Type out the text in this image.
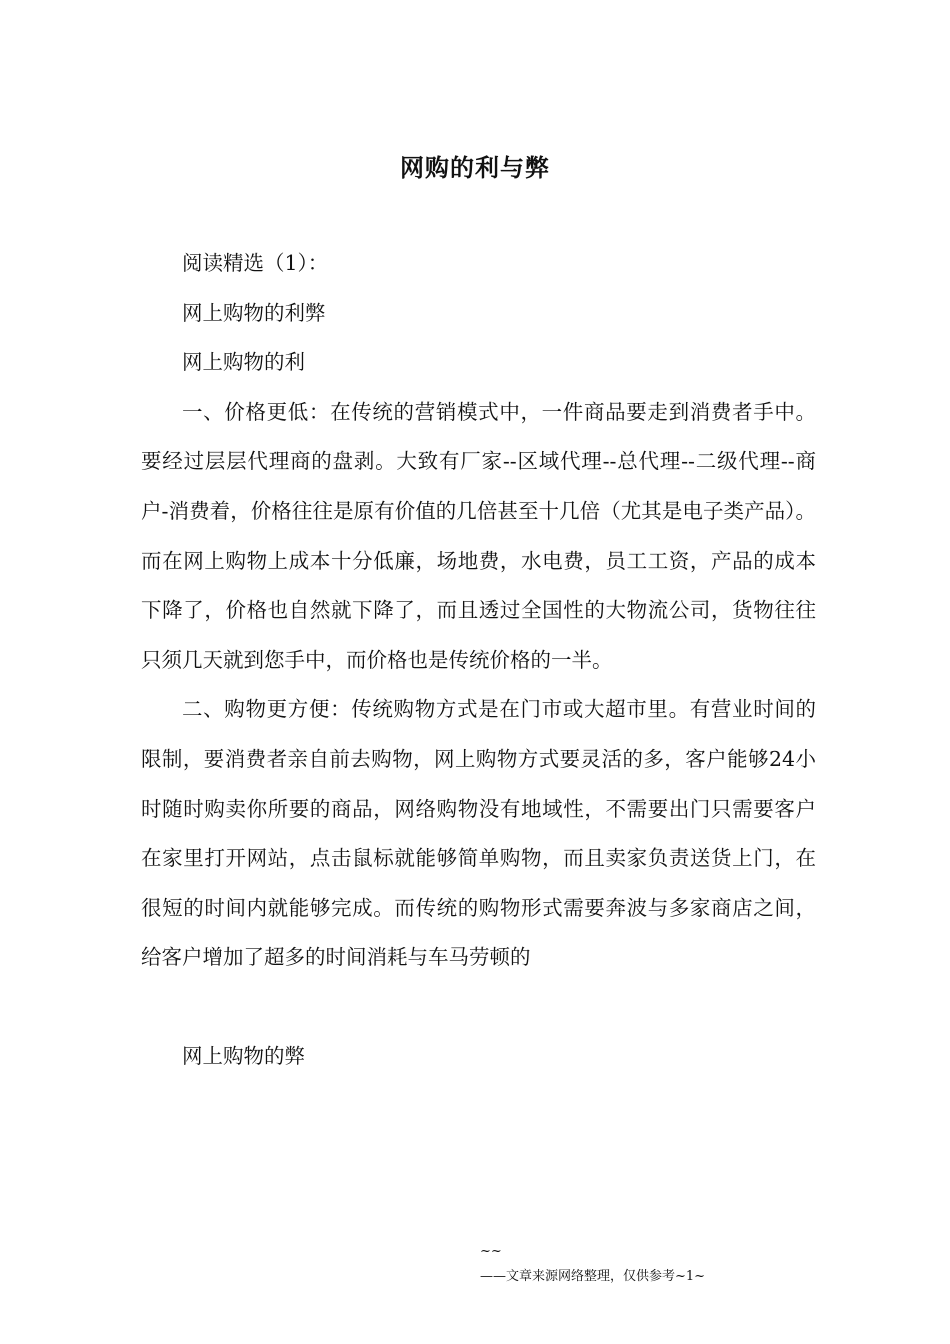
网购的利与弊

阅读精选（1）：

网上购物的利弊

网上购物的利

一、价格更低：在传统的营销模式中，一件商品要走到消费者手中。要经过层层代理商的盘剥。大致有厂家--区域代理--总代理--二级代理--商户-消费着，价格往往是原有价值的几倍甚至十几倍（尤其是电子类产品）。而在网上购物上成本十分低廉，场地费，水电费，员工工资，产品的成本下降了，价格也自然就下降了，而且透过全国性的大物流公司，货物往往只须几天就到您手中，而价格也是传统价格的一半。

二、购物更方便：传统购物方式是在门市或大超市里。有营业时间的限制，要消费者亲自前去购物，网上购物方式要灵活的多，客户能够24小时随时购卖你所要的商品，网络购物没有地域性，不需要出门只需要客户在家里打开网站，点击鼠标就能够简单购物，而且卖家负责送货上门，在很短的时间内就能够完成。而传统的购物形式需要奔波与多家商店之间，给客户增加了超多的时间消耗与车马劳顿的

网上购物的弊

~~
——文章来源网络整理，仅供参考~1~
